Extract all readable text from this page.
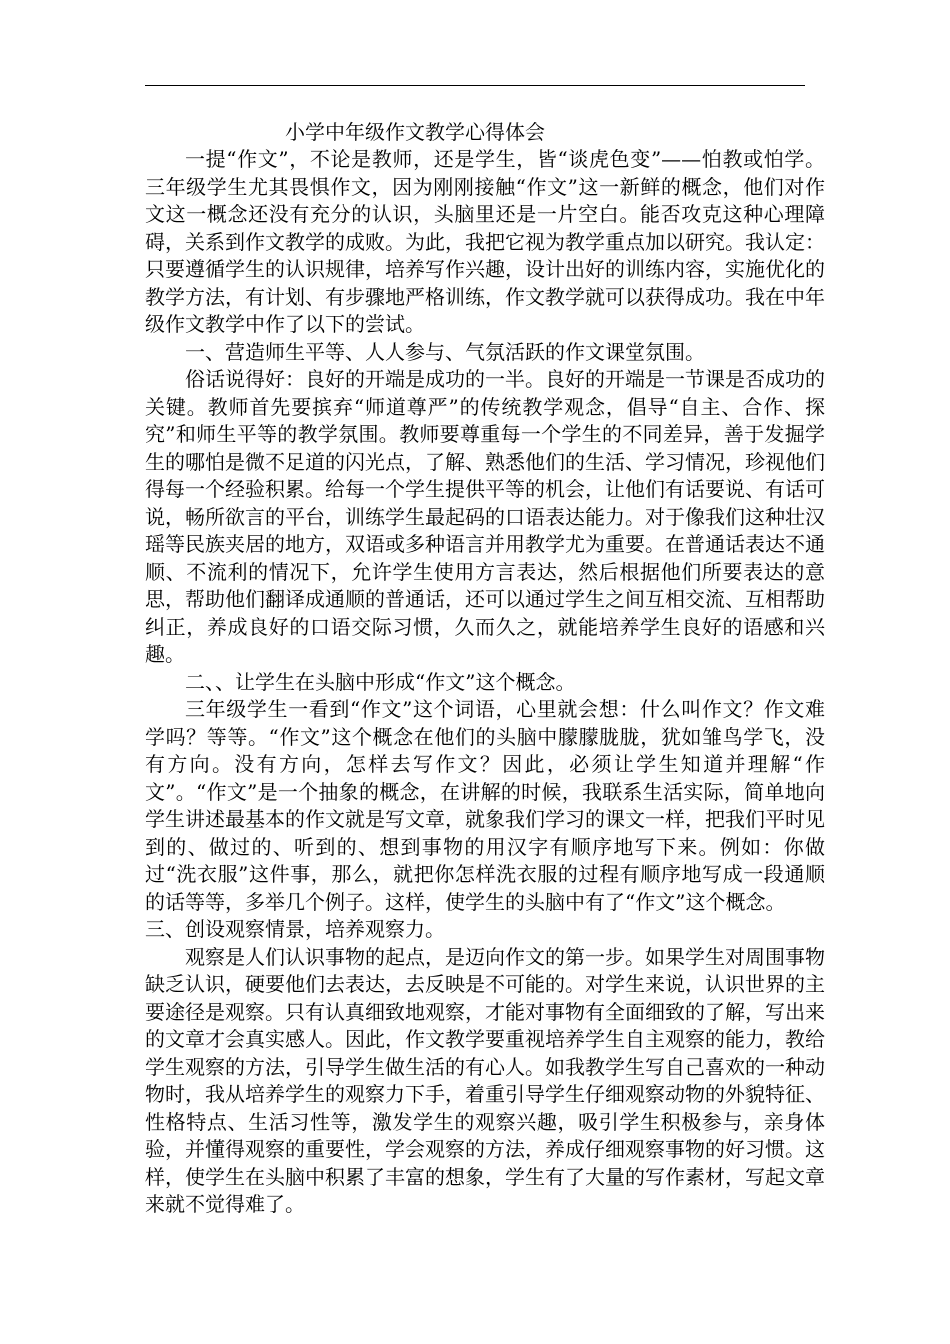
小学中年级作文教学心得体会

一提“作文”，不论是教师，还是学生，皆“谈虎色变”——怕教或怕学。三年级学生尤其畏惧作文，因为刚刚接触“作文”这一新鲜的概念，他们对作文这一概念还没有充分的认识，头脑里还是一片空白。能否攻克这种心理障碍，关系到作文教学的成败。为此，我把它视为教学重点加以研究。我认定：只要遵循学生的认识规律，培养写作兴趣，设计出好的训练内容，实施优化的教学方法，有计划、有步骤地严格训练，作文教学就可以获得成功。我在中年级作文教学中作了以下的尝试。

一、营造师生平等、人人参与、气氛活跃的作文课堂氛围。

俗话说得好：良好的开端是成功的一半。良好的开端是一节课是否成功的关键。教师首先要摈弃“师道尊严”的传统教学观念，倡导“自主、合作、探究”和师生平等的教学氛围。教师要尊重每一个学生的不同差异，善于发掘学生的哪怕是微不足道的闪光点，了解、熟悉他们的生活、学习情况，珍视他们得每一个经验积累。给每一个学生提供平等的机会，让他们有话要说、有话可说，畅所欲言的平台，训练学生最起码的口语表达能力。对于像我们这种壮汉瑶等民族夹居的地方，双语或多种语言并用教学尤为重要。在普通话表达不通顺、不流利的情况下，允许学生使用方言表达，然后根据他们所要表达的意思，帮助他们翻译成通顺的普通话，还可以通过学生之间互相交流、互相帮助纠正，养成良好的口语交际习惯，久而久之，就能培养学生良好的语感和兴趣。

二、、让学生在头脑中形成“作文”这个概念。

三年级学生一看到“作文”这个词语，心里就会想：什么叫作文？作文难学吗？等等。“作文”这个概念在他们的头脑中朦朦胧胧，犹如雏鸟学飞，没有方向。没有方向，怎样去写作文？因此，必须让学生知道并理解“作文”。“作文”是一个抽象的概念，在讲解的时候，我联系生活实际，简单地向学生讲述最基本的作文就是写文章，就象我们学习的课文一样，把我们平时见到的、做过的、听到的、想到事物的用汉字有顺序地写下来。例如：你做过“洗衣服”这件事，那么，就把你怎样洗衣服的过程有顺序地写成一段通顺的话等等，多举几个例子。这样，使学生的头脑中有了“作文”这个概念。

三、创设观察情景，培养观察力。

观察是人们认识事物的起点，是迈向作文的第一步。如果学生对周围事物缺乏认识，硬要他们去表达，去反映是不可能的。对学生来说，认识世界的主要途径是观察。只有认真细致地观察，才能对事物有全面细致的了解，写出来的文章才会真实感人。因此，作文教学要重视培养学生自主观察的能力，教给学生观察的方法，引导学生做生活的有心人。如我教学生写自己喜欢的一种动物时，我从培养学生的观察力下手，着重引导学生仔细观察动物的外貌特征、性格特点、生活习性等，激发学生的观察兴趣，吸引学生积极参与，亲身体验，并懂得观察的重要性，学会观察的方法，养成仔细观察事物的好习惯。这样，使学生在头脑中积累了丰富的想象，学生有了大量的写作素材，写起文章来就不觉得难了。
